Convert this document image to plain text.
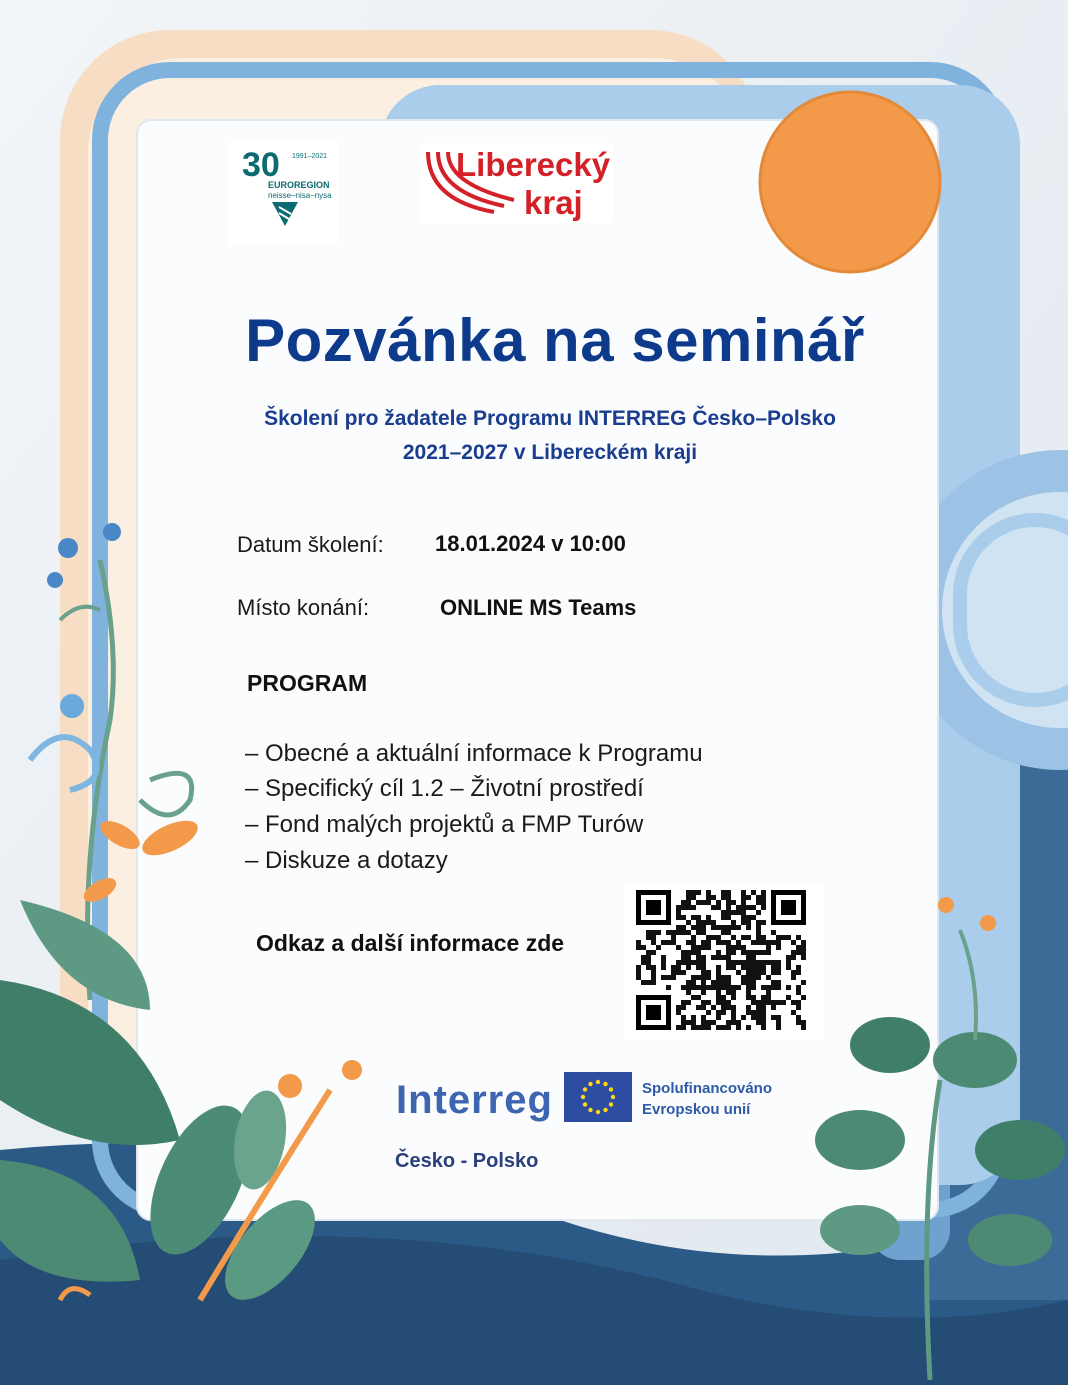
30 1991–2021
EUROREGION
neisse–nisa–nysa
Liberecký
kraj
Pozvánka na seminář
Školení pro žadatele Programu INTERREG Česko–Polsko
2021–2027 v Libereckém kraji
Datum školení: 18.01.2024 v 10:00
Místo konání:	ONLINE MS Teams
PROGRAM
– Obecné a aktuální informace k Programu
– Specifický cíl 1.2 – Životní prostředí
– Fond malých projektů a FMP Turów
– Diskuze a dotazy
Odkaz a další informace zde
Interreg
Česko - Polsko
Spolufinancováno
Evropskou unií
